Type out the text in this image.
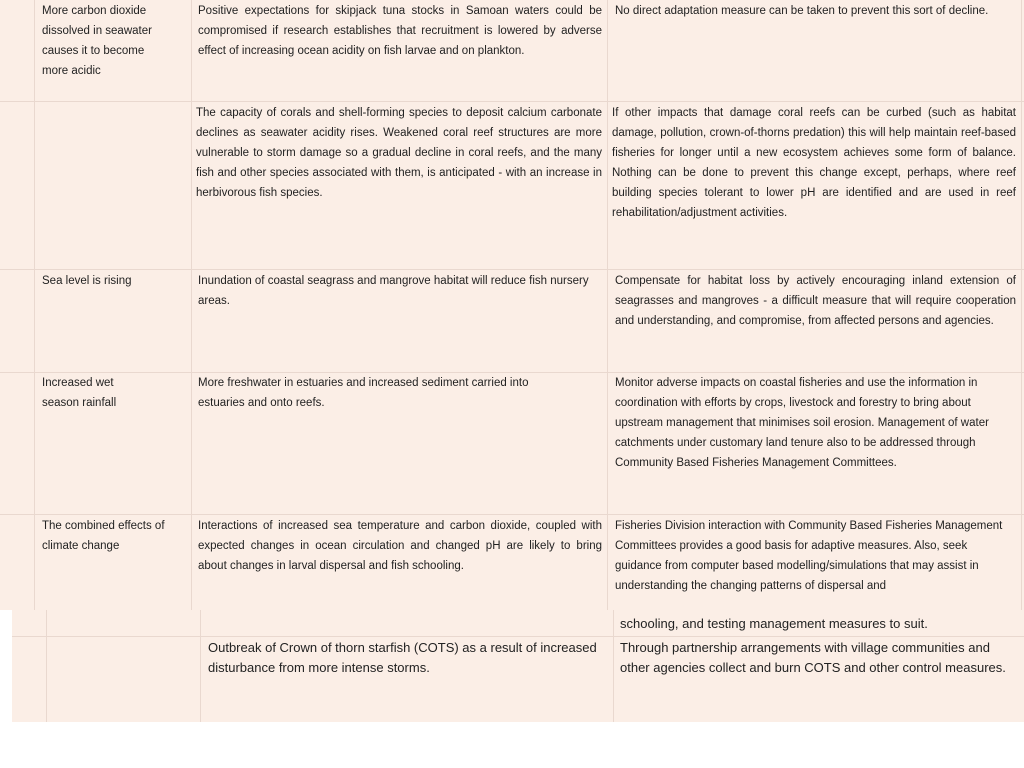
More carbon dioxide dissolved in seawater causes it to become more acidic
Positive expectations for skipjack tuna stocks in Samoan waters could be compromised if research establishes that recruitment is lowered by adverse effect of increasing ocean acidity on fish larvae and on plankton.
No direct adaptation measure can be taken to prevent this sort of decline.
The capacity of corals and shell-forming species to deposit calcium carbonate declines as seawater acidity rises. Weakened coral reef structures are more vulnerable to storm damage so a gradual decline in coral reefs, and the many fish and other species associated with them, is anticipated - with an increase in herbivorous fish species.
If other impacts that damage coral reefs can be curbed (such as habitat damage, pollution, crown-of-thorns predation) this will help maintain reef-based fisheries for longer until a new ecosystem achieves some form of balance. Nothing can be done to prevent this change except, perhaps, where reef building species tolerant to lower pH are identified and are used in reef rehabilitation/adjustment activities.
Sea level is rising	Inundation of coastal seagrass and mangrove habitat will reduce fish nursery areas.
Compensate for habitat loss by actively encouraging inland extension of seagrasses and mangroves - a difficult measure that will require cooperation and understanding, and compromise, from affected persons and agencies.
Increased wet season rainfall
More freshwater in estuaries and increased sediment carried into estuaries and onto reefs.
Monitor adverse impacts on coastal fisheries and use the information in coordination with efforts by crops, livestock and forestry to bring about upstream management that minimises soil erosion. Management of water catchments under customary land tenure also to be addressed through Community Based Fisheries Management Committees.
The combined effects of climate change
Interactions of increased sea temperature and carbon dioxide, coupled with expected changes in ocean circulation and changed pH are likely to bring about changes in larval dispersal and fish schooling.
Fisheries Division interaction with Community Based Fisheries Management Committees provides a good basis for adaptive measures. Also, seek guidance from computer based modelling/simulations that may assist in understanding the changing patterns of dispersal and
schooling, and testing management measures to suit.
Outbreak of Crown of thorn starfish (COTS) as a result of increased disturbance from more intense storms.
Through partnership arrangements with village communities and other agencies collect and burn COTS and other control measures.
